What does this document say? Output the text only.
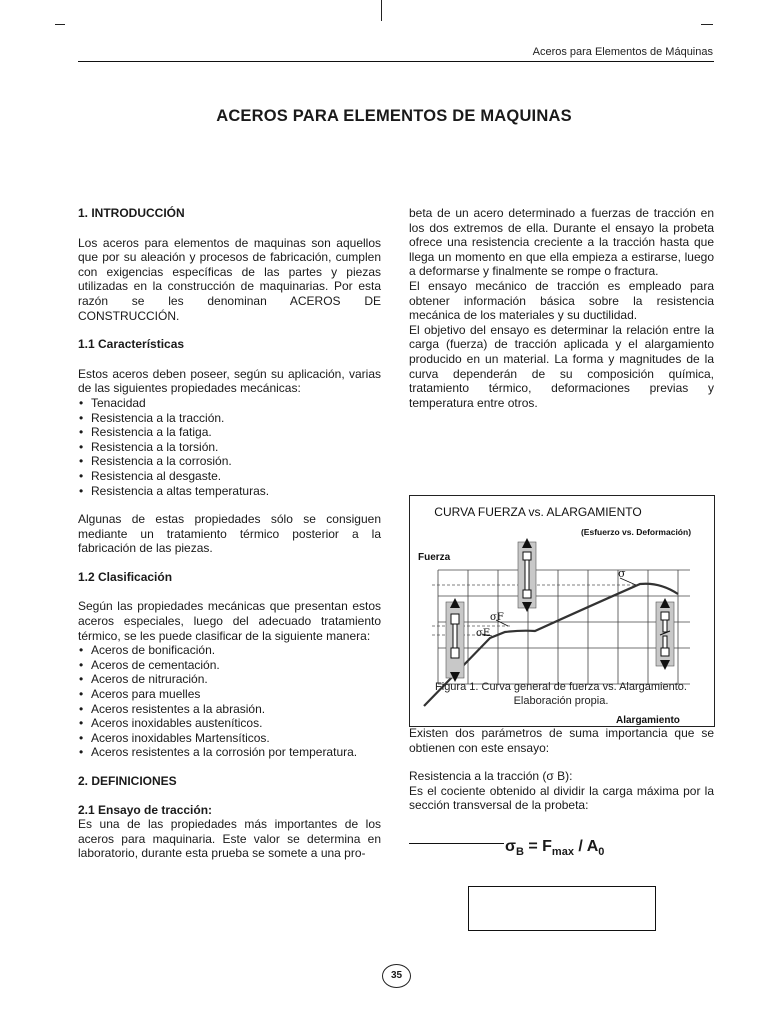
Aceros para Elementos de Máquinas
ACEROS PARA ELEMENTOS DE MAQUINAS

1. INTRODUCCIÓN

Los aceros para elementos de maquinas son aquellos que por su aleación y procesos de fabricación, cumplen con exigencias específicas de las partes y piezas utilizadas en la construcción de maquinarias. Por esta razón se les denominan ACEROS DE CONSTRUCCIÓN.

1.1 Características

Estos aceros deben poseer, según su aplicación, varias de las siguientes propiedades mecánicas:

• Tenacidad
• Resistencia a la tracción.
• Resistencia a la fatiga.
• Resistencia a la torsión.
• Resistencia a la corrosión.
• Resistencia al desgaste.
• Resistencia a altas temperaturas.

Algunas de estas propiedades sólo se consiguen mediante un tratamiento térmico posterior a la fabricación de las piezas.

1.2 Clasificación

Según las propiedades mecánicas que presentan estos aceros especiales, luego del adecuado tratamiento térmico, se les puede clasificar de la siguiente manera:

• Aceros de bonificación.
• Aceros de cementación.
• Aceros de nitruración.
• Aceros para muelles
• Aceros resistentes a la abrasión.
• Aceros inoxidables austeníticos.
• Aceros inoxidables Martensíticos.
• Aceros resistentes a la corrosión por temperatura.

2. DEFINICIONES

2.1 Ensayo de tracción:

Es una de las propiedades más importantes de los aceros para maquinaria. Este valor se determina en laboratorio, durante esta prueba se somete a una pro-

beta de un acero determinado a fuerzas de tracción en los dos extremos de ella. Durante el ensayo la probeta ofrece una resistencia creciente a la tracción hasta que llega un momento en que ella empieza a estirarse, luego a deformarse y finalmente se rompe o fractura.

El ensayo mecánico de tracción es empleado para obtener información básica sobre la resistencia mecánica de los materiales y su ductilidad.

El objetivo del ensayo es determinar la relación entre la carga (fuerza) de tracción aplicada y el alargamiento producido en un material. La forma y magnitudes de la curva dependerán de su composición química, tratamiento térmico, deformaciones previas y temperatura entre otros.

CURVA FUERZA vs. ALARGAMIENTO
(Esfuerzo vs. Deformación)
Fuerza
Alargamiento
σ
σF
σE
Figura 1. Curva general de fuerza vs. Alargamiento.
Elaboración propia.

Existen dos parámetros de suma importancia que se obtienen con este ensayo:

Resistencia a la tracción (σ B):

Es el cociente obtenido al dividir la carga máxima por la sección transversal de la probeta:

$\sigma_B = F_{max} / A_0$
35
